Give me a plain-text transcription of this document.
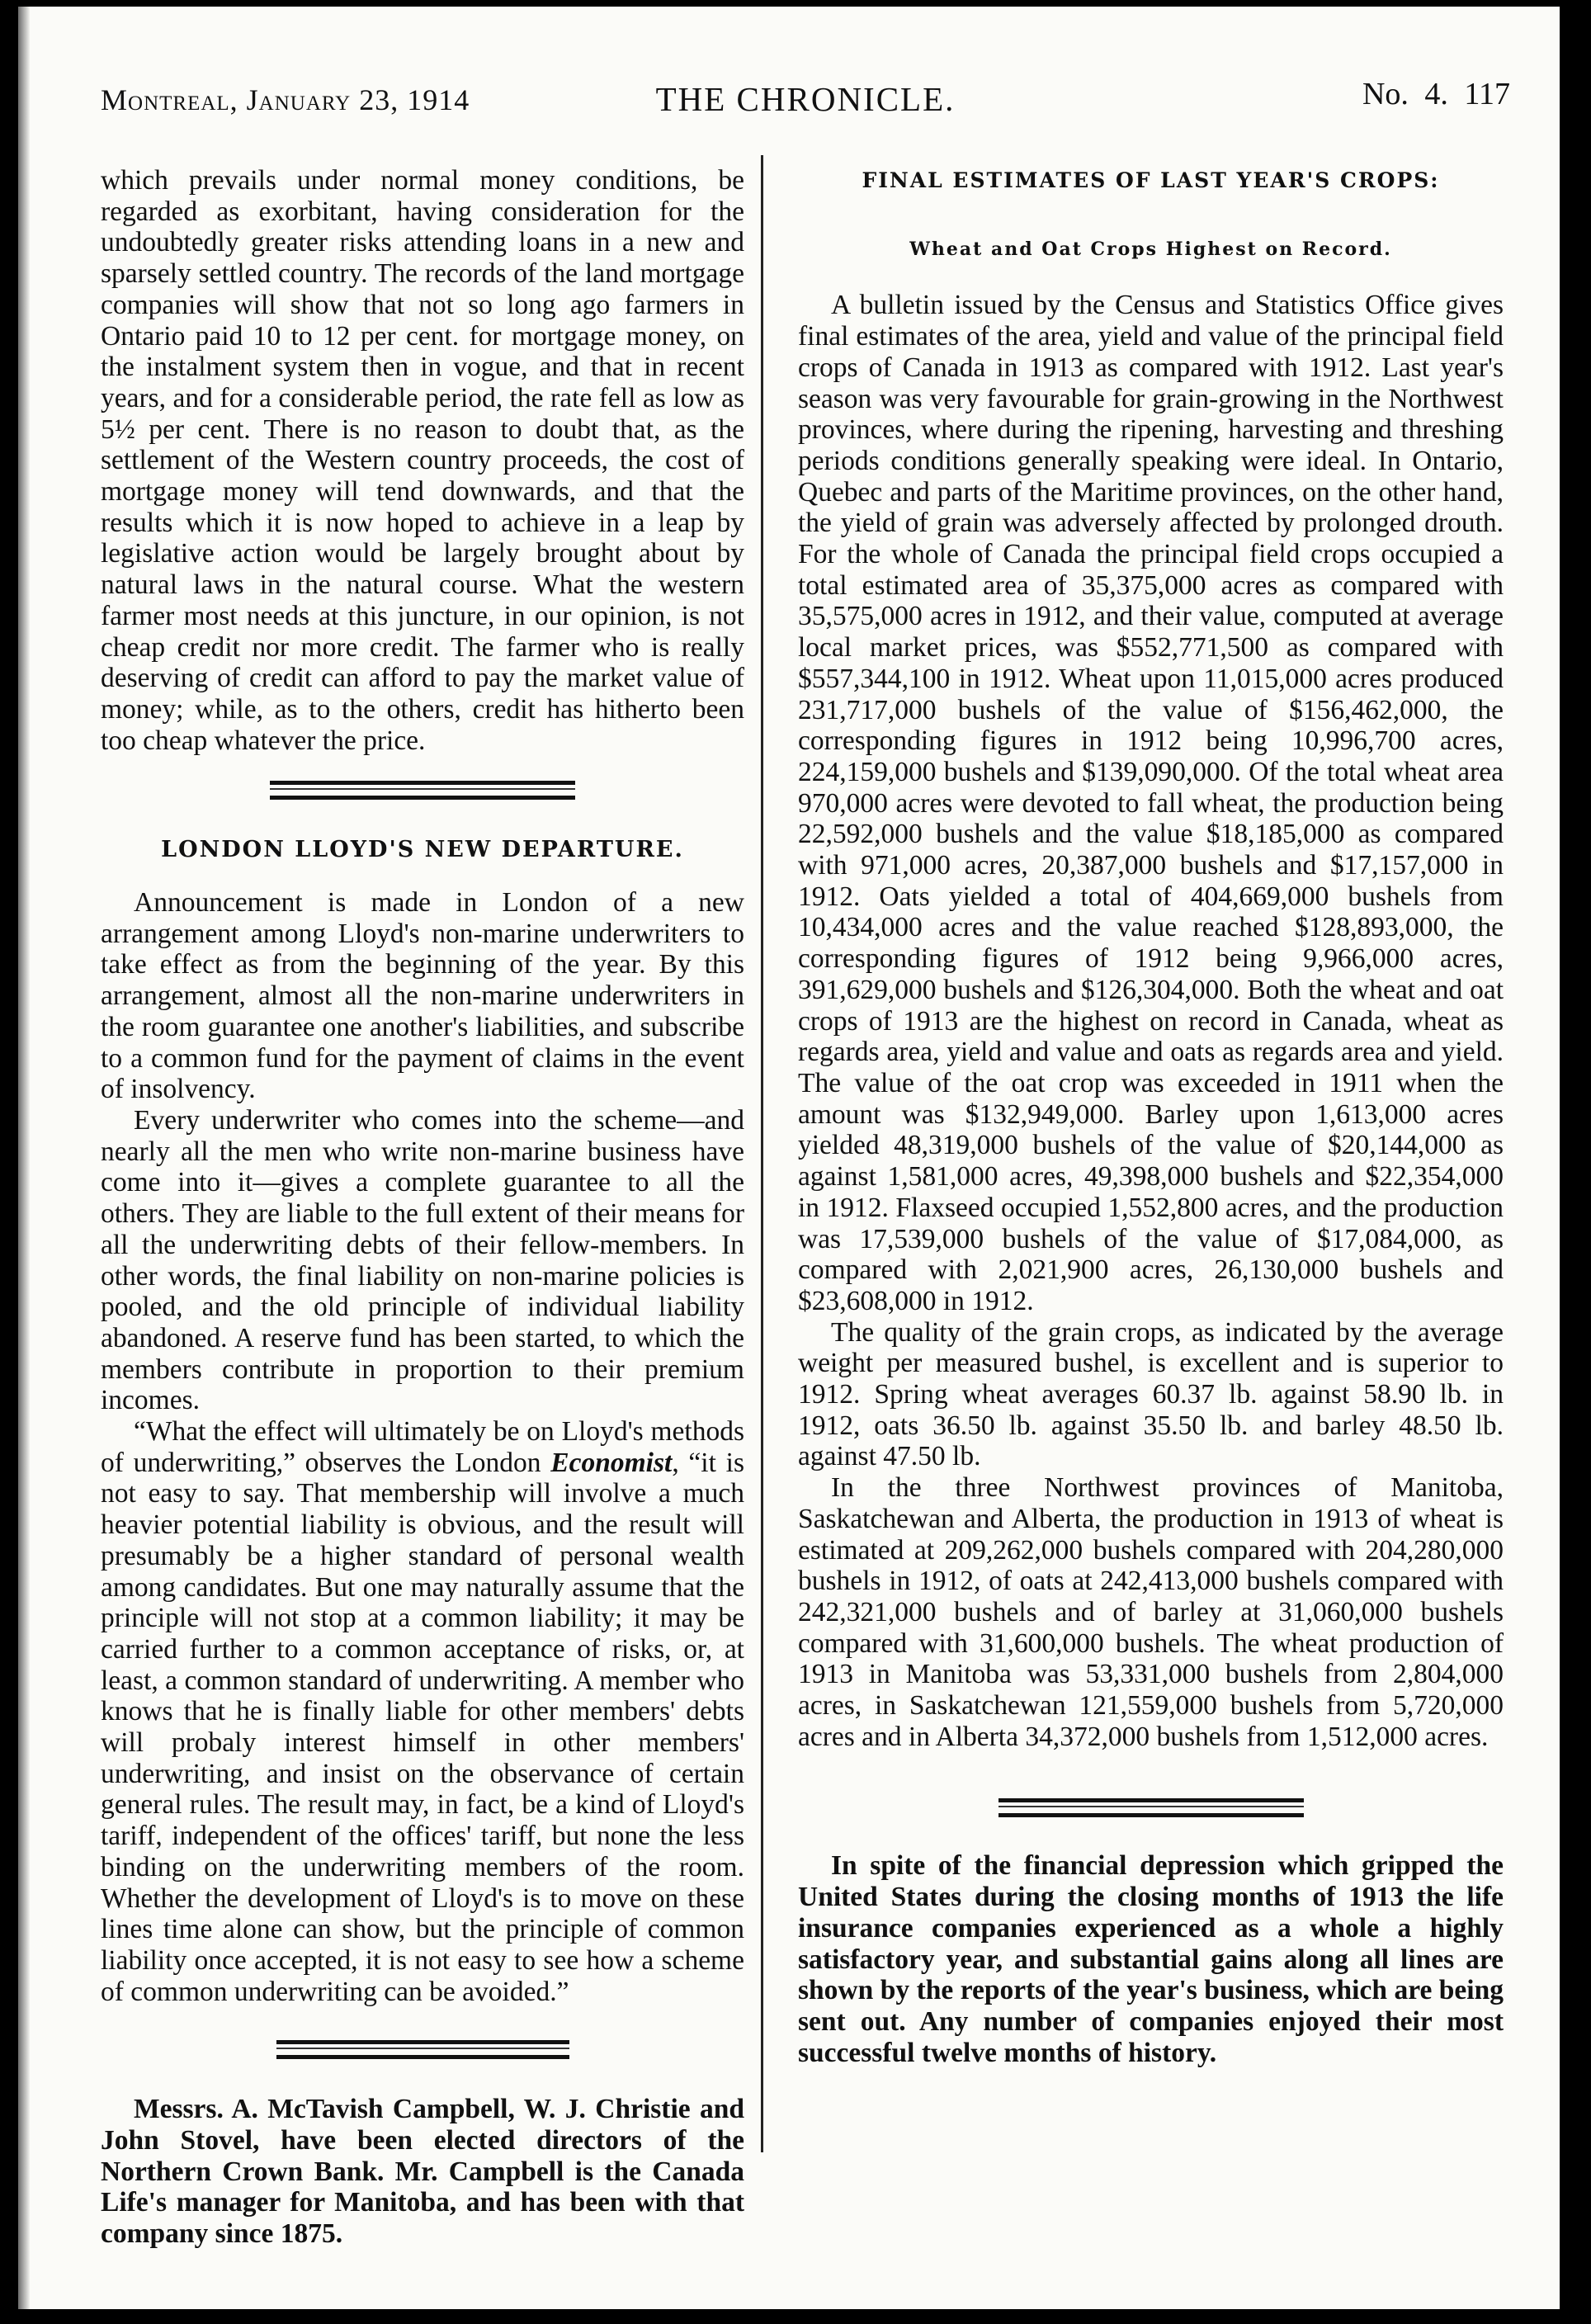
Montreal, January 23, 1914	THE CHRONICLE.	No. 4. 117

which prevails under normal money conditions, be regarded as exorbitant, having consideration for the undoubtedly greater risks attending loans in a new and sparsely settled country. The records of the land mortgage companies will show that not so long ago farmers in Ontario paid 10 to 12 per cent. for mortgage money, on the instalment system then in vogue, and that in recent years, and for a considerable period, the rate fell as low as 5½ per cent. There is no reason to doubt that, as the settlement of the Western country proceeds, the cost of mortgage money will tend downwards, and that the results which it is now hoped to achieve in a leap by legislative action would be largely brought about by natural laws in the natural course. What the western farmer most needs at this juncture, in our opinion, is not cheap credit nor more credit. The farmer who is really deserving of credit can afford to pay the market value of money; while, as to the others, credit has hitherto been too cheap whatever the price.

LONDON LLOYD'S NEW DEPARTURE.

Announcement is made in London of a new arrangement among Lloyd's non-marine underwriters to take effect as from the beginning of the year. By this arrangement, almost all the non-marine underwriters in the room guarantee one another's liabilities, and subscribe to a common fund for the payment of claims in the event of insolvency.

Every underwriter who comes into the scheme—and nearly all the men who write non-marine business have come into it—gives a complete guarantee to all the others. They are liable to the full extent of their means for all the underwriting debts of their fellow-members. In other words, the final liability on non-marine policies is pooled, and the old principle of individual liability abandoned. A reserve fund has been started, to which the members contribute in proportion to their premium incomes.

“What the effect will ultimately be on Lloyd's methods of underwriting,” observes the London Economist, “it is not easy to say. That membership will involve a much heavier potential liability is obvious, and the result will presumably be a higher standard of personal wealth among candidates. But one may naturally assume that the principle will not stop at a common liability; it may be carried further to a common acceptance of risks, or, at least, a common standard of underwriting. A member who knows that he is finally liable for other members' debts will probaly interest himself in other members' underwriting, and insist on the observance of certain general rules. The result may, in fact, be a kind of Lloyd's tariff, independent of the offices' tariff, but none the less binding on the underwriting members of the room. Whether the development of Lloyd's is to move on these lines time alone can show, but the principle of common liability once accepted, it is not easy to see how a scheme of common underwriting can be avoided.”

Messrs. A. McTavish Campbell, W. J. Christie and John Stovel, have been elected directors of the Northern Crown Bank. Mr. Campbell is the Canada Life's manager for Manitoba, and has been with that company since 1875.

FINAL ESTIMATES OF LAST YEAR'S CROPS:
Wheat and Oat Crops Highest on Record.

A bulletin issued by the Census and Statistics Office gives final estimates of the area, yield and value of the principal field crops of Canada in 1913 as compared with 1912. Last year's season was very favourable for grain-growing in the Northwest provinces, where during the ripening, harvesting and threshing periods conditions generally speaking were ideal. In Ontario, Quebec and parts of the Maritime provinces, on the other hand, the yield of grain was adversely affected by prolonged drouth. For the whole of Canada the principal field crops occupied a total estimated area of 35,375,000 acres as compared with 35,575,000 acres in 1912, and their value, computed at average local market prices, was $552,771,500 as compared with $557,344,100 in 1912. Wheat upon 11,015,000 acres produced 231,717,000 bushels of the value of $156,462,000, the corresponding figures in 1912 being 10,996,700 acres, 224,159,000 bushels and $139,090,000. Of the total wheat area 970,000 acres were devoted to fall wheat, the production being 22,592,000 bushels and the value $18,185,000 as compared with 971,000 acres, 20,387,000 bushels and $17,157,000 in 1912. Oats yielded a total of 404,669,000 bushels from 10,434,000 acres and the value reached $128,893,000, the corresponding figures of 1912 being 9,966,000 acres, 391,629,000 bushels and $126,304,000. Both the wheat and oat crops of 1913 are the highest on record in Canada, wheat as regards area, yield and value and oats as regards area and yield. The value of the oat crop was exceeded in 1911 when the amount was $132,949,000. Barley upon 1,613,000 acres yielded 48,319,000 bushels of the value of $20,144,000 as against 1,581,000 acres, 49,398,000 bushels and $22,354,000 in 1912. Flaxseed occupied 1,552,800 acres, and the production was 17,539,000 bushels of the value of $17,084,000, as compared with 2,021,900 acres, 26,130,000 bushels and $23,608,000 in 1912.

The quality of the grain crops, as indicated by the average weight per measured bushel, is excellent and is superior to 1912. Spring wheat averages 60.37 lb. against 58.90 lb. in 1912, oats 36.50 lb. against 35.50 lb. and barley 48.50 lb. against 47.50 lb.

In the three Northwest provinces of Manitoba, Saskatchewan and Alberta, the production in 1913 of wheat is estimated at 209,262,000 bushels compared with 204,280,000 bushels in 1912, of oats at 242,413,000 bushels compared with 242,321,000 bushels and of barley at 31,060,000 bushels compared with 31,600,000 bushels. The wheat production of 1913 in Manitoba was 53,331,000 bushels from 2,804,000 acres, in Saskatchewan 121,559,000 bushels from 5,720,000 acres and in Alberta 34,372,000 bushels from 1,512,000 acres.

In spite of the financial depression which gripped the United States during the closing months of 1913 the life insurance companies experienced as a whole a highly satisfactory year, and substantial gains along all lines are shown by the reports of the year's business, which are being sent out. Any number of companies enjoyed their most successful twelve months of history.
